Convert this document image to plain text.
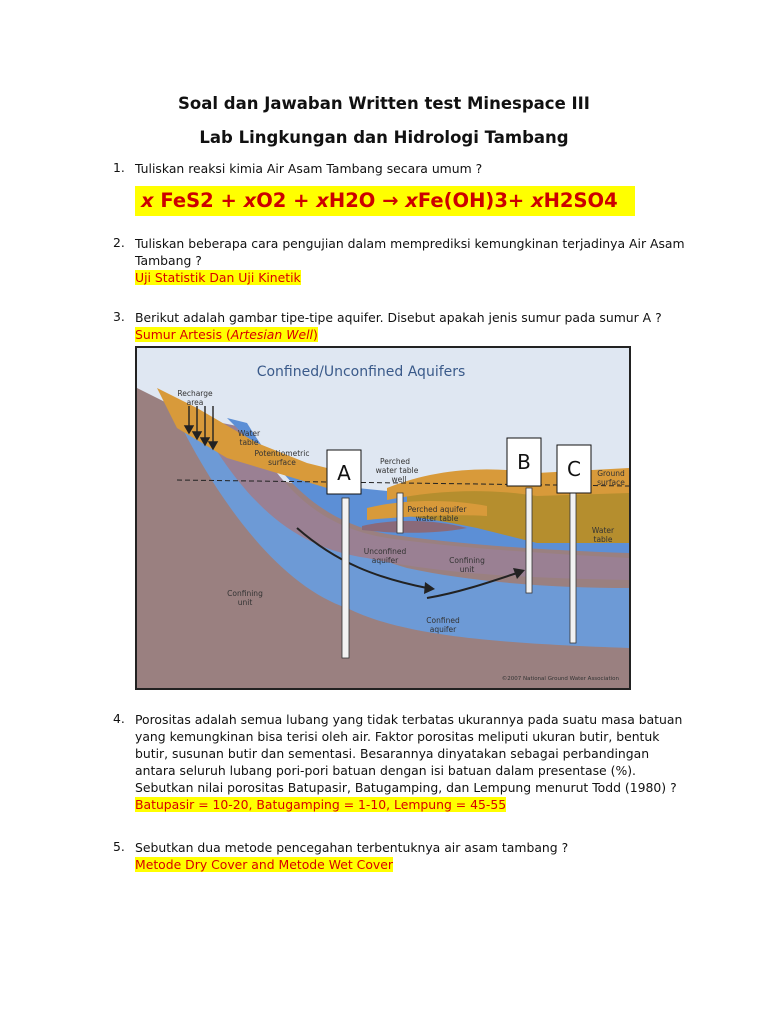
Soal dan Jawaban Written test Minespace III
Lab Lingkungan dan Hidrologi Tambang
1. Tuliskan reaksi kimia Air Asam Tambang secara umum ?
x FeS2 + xO2 + xH2O → xFe(OH)3+ xH2SO4
2. Tuliskan beberapa cara pengujian dalam memprediksi kemungkinan terjadinya Air Asam
Tambang ?
Uji Statistik Dan Uji Kinetik
3. Berikut adalah gambar tipe-tipe aquifer. Disebut apakah jenis sumur pada sumur A ?
Sumur Artesis (Artesian Well)
Confined/Unconfined Aquifers
A	B C
Recharge
area
Water
table
Potentiometric
surface	Perched
water table
well
Perched aquifer
water table
Ground
surface
Water
table
Unconfined
aquifer	Confining
unit
Confining
unit
Confined
aquifer
©2007 National Ground Water Association
4. Porositas adalah semua lubang yang tidak terbatas ukurannya pada suatu masa batuan
yang kemungkinan bisa terisi oleh air. Faktor porositas meliputi ukuran butir, bentuk
butir, susunan butir dan sementasi. Besarannya dinyatakan sebagai perbandingan
antara seluruh lubang pori-pori batuan dengan isi batuan dalam presentase (%).
Sebutkan nilai porositas Batupasir, Batugamping, dan Lempung menurut Todd (1980) ?
Batupasir = 10-20, Batugamping = 1-10, Lempung = 45-55
5. Sebutkan dua metode pencegahan terbentuknya air asam tambang ?
Metode Dry Cover and Metode Wet Cover
